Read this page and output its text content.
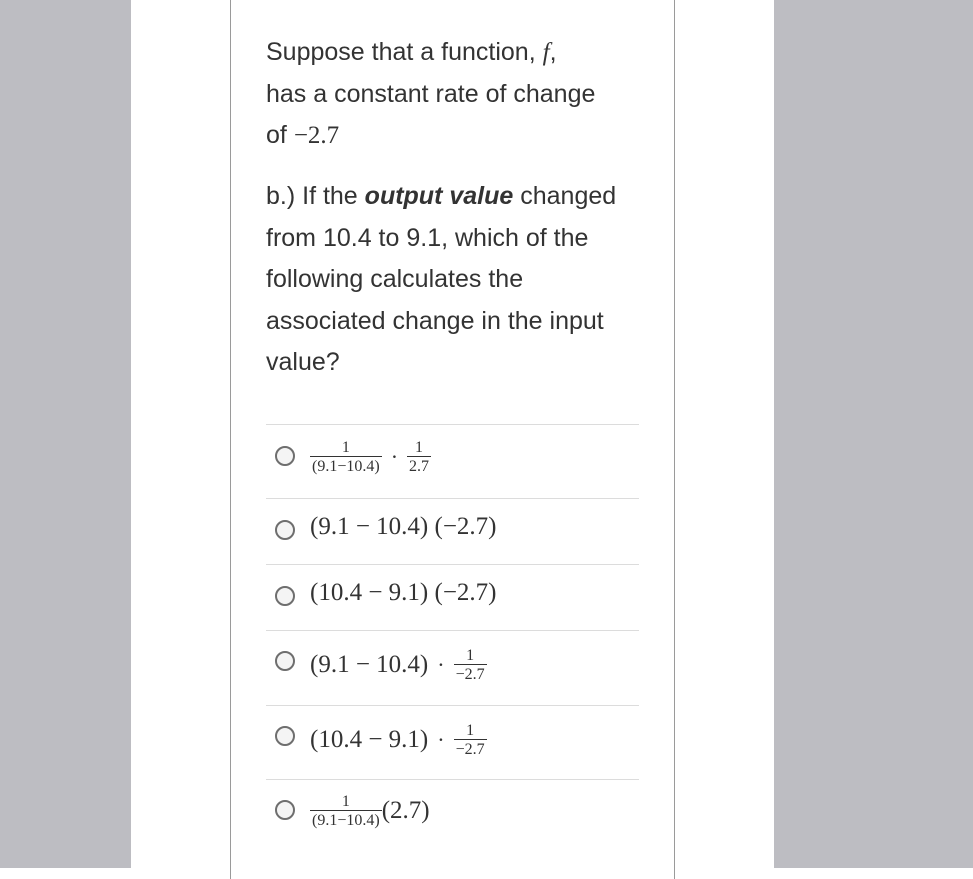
Suppose that a function, f,
has a constant rate of change
of −2.7
b.) If the output value changed
from 10.4 to 9.1, which of the
following calculates the
associated change in the input
value?
$\frac{1}{(9.1-10.4)} \cdot \frac{1}{2.7}$
(9.1 − 10.4) (−2.7)
(10.4 − 9.1) (−2.7)
$(9.1 - 10.4) \cdot \frac{1}{-2.7}$
$(10.4 - 9.1) \cdot \frac{1}{-2.7}$
$\frac{1}{(9.1-10.4)} (2.7)$
